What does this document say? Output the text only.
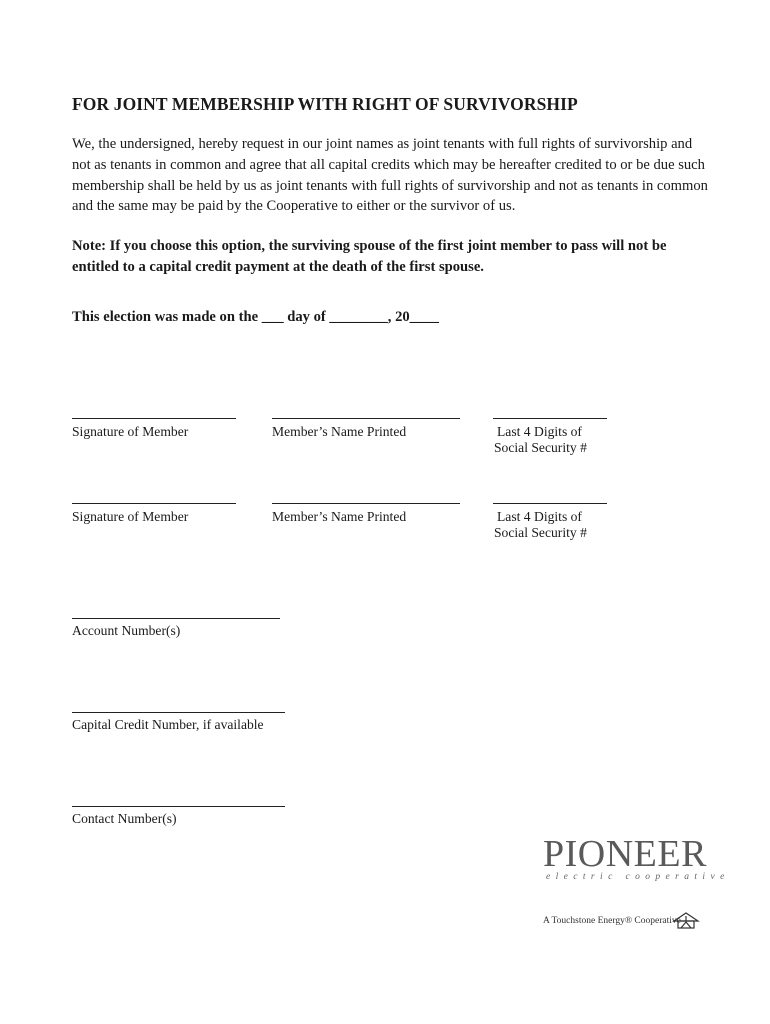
FOR JOINT MEMBERSHIP WITH RIGHT OF SURVIVORSHIP
We, the undersigned, hereby request in our joint names as joint tenants with full rights of survivorship and not as tenants in common and agree that all capital credits which may be hereafter credited to or be due such membership shall be held by us as joint tenants with full rights of survivorship and not as tenants in common and the same may be paid by the Cooperative to either or the survivor of us.
Note: If you choose this option, the surviving spouse of the first joint member to pass will not be entitled to a capital credit payment at the death of the first spouse.
This election was made on the ___ day of ________, 20____
Signature of Member	Member’s Name Printed	Last 4 Digits of
Social Security #
Signature of Member	Member’s Name Printed	Last 4 Digits of
Social Security #
Account Number(s)
Capital Credit Number, if available
Contact Number(s)
PIONEER
electric cooperative
A Touchstone Energy® Cooperative
